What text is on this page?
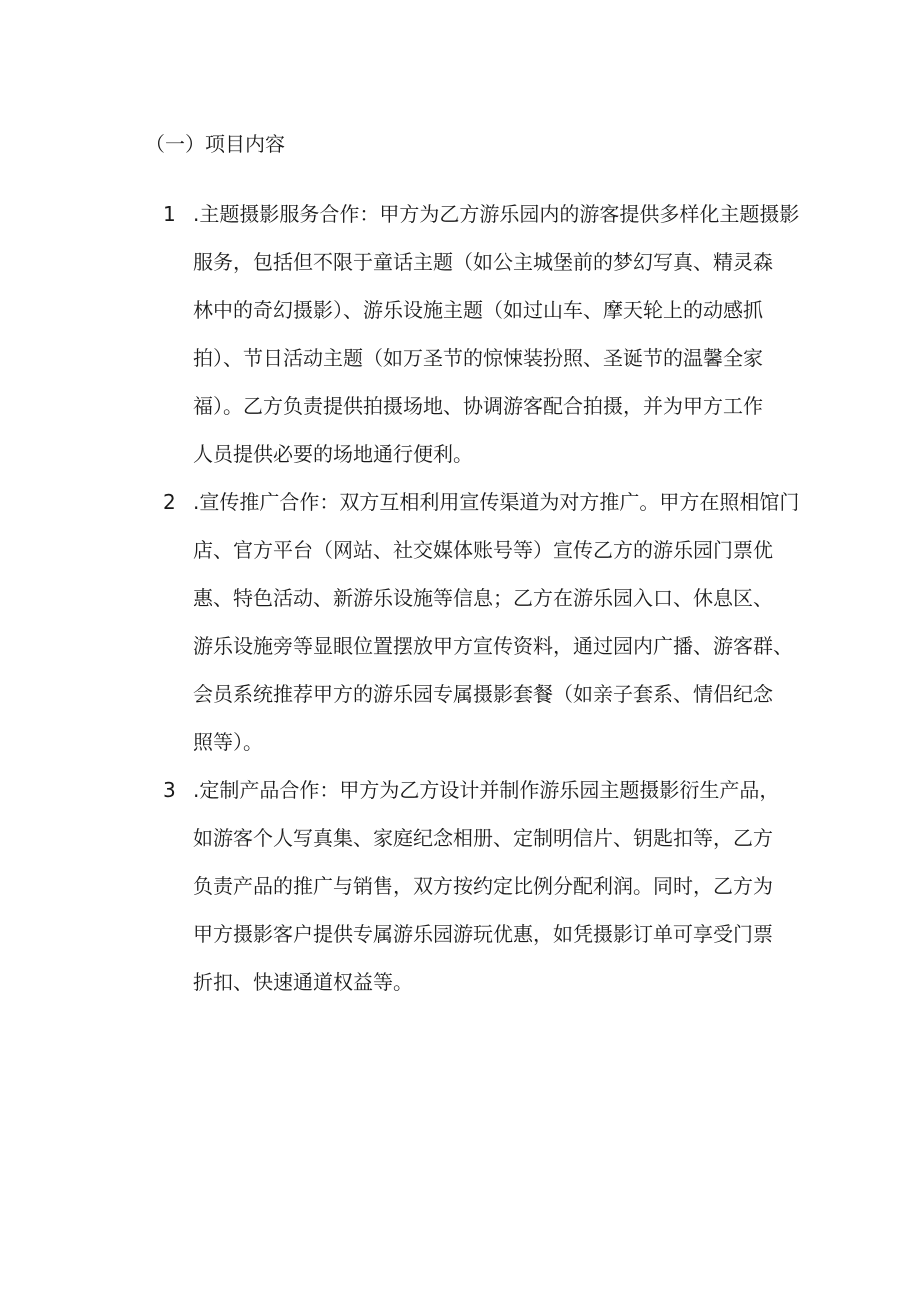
（一）项目内容
1 .主题摄影服务合作：甲方为乙方游乐园内的游客提供多样化主题摄影
服务，包括但不限于童话主题（如公主城堡前的梦幻写真、精灵森
林中的奇幻摄影）、游乐设施主题（如过山车、摩天轮上的动感抓
拍）、节日活动主题（如万圣节的惊悚装扮照、圣诞节的温馨全家
福）。乙方负责提供拍摄场地、协调游客配合拍摄，并为甲方工作
人员提供必要的场地通行便利。
2 .宣传推广合作：双方互相利用宣传渠道为对方推广。甲方在照相馆门
店、官方平台（网站、社交媒体账号等）宣传乙方的游乐园门票优
惠、特色活动、新游乐设施等信息；乙方在游乐园入口、休息区、
游乐设施旁等显眼位置摆放甲方宣传资料，通过园内广播、游客群、
会员系统推荐甲方的游乐园专属摄影套餐（如亲子套系、情侣纪念
照等）。
3 .定制产品合作：甲方为乙方设计并制作游乐园主题摄影衍生产品，
如游客个人写真集、家庭纪念相册、定制明信片、钥匙扣等，乙方
负责产品的推广与销售，双方按约定比例分配利润。同时，乙方为
甲方摄影客户提供专属游乐园游玩优惠，如凭摄影订单可享受门票
折扣、快速通道权益等。
